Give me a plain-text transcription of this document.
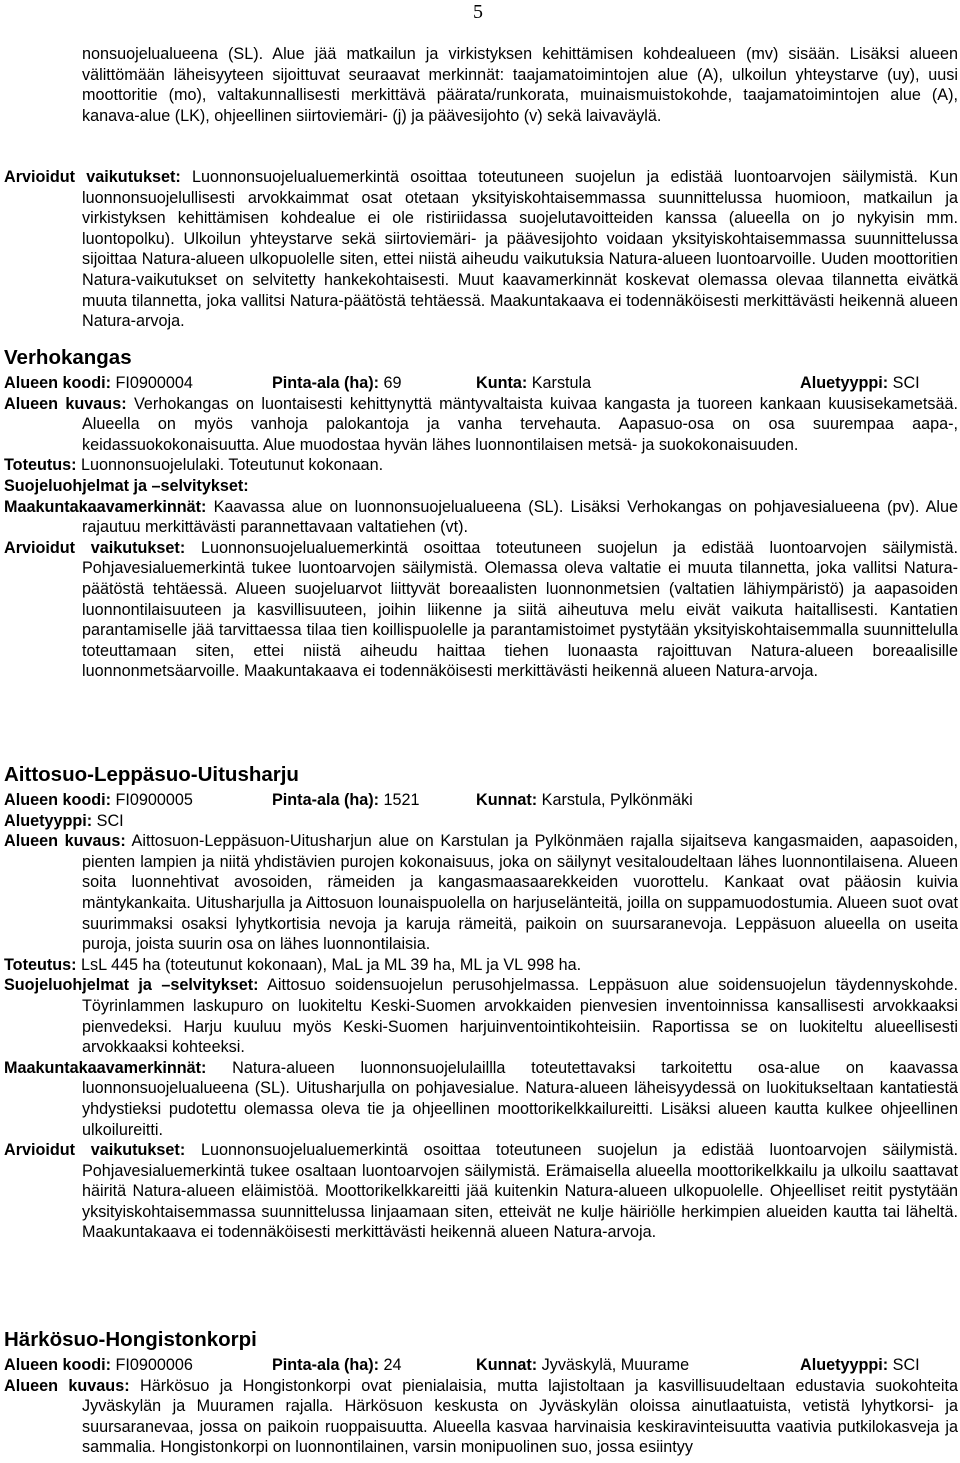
5

nonsuojelualueena (SL). Alue jää matkailun ja virkistyksen kehittämisen kohdealueen (mv) sisään. Lisäksi alueen välittömään läheisyyteen sijoittuvat seuraavat merkinnät: taajamatoimintojen alue (A), ulkoilun yhteystarve (uy), uusi moottoritie (mo), valtakunnallisesti merkittävä päärata/runkorata, muinaismuistokohde, taajamatoimintojen alue (A), kanava-alue (LK), ohjeellinen siirtoviemäri- (j) ja päävesijohto (v) sekä laivaväylä.

Arvioidut vaikutukset: Luonnonsuojelualuemerkintä osoittaa toteutuneen suojelun ja edistää luontoarvojen säilymistä. Kun luonnonsuojelullisesti arvokkaimmat osat otetaan yksityiskohtaisemmassa suunnittelussa huomioon, matkailun ja virkistyksen kehittämisen kohdealue ei ole ristiriidassa suojelutavoitteiden kanssa (alueella on jo nykyisin mm. luontopolku). Ulkoilun yhteystarve sekä siirtoviemäri- ja päävesijohto voidaan yksityiskohtaisemmassa suunnittelussa sijoittaa Natura-alueen ulkopuolelle siten, ettei niistä aiheudu vaikutuksia Natura-alueen luontoarvoille. Uuden moottoritien Natura-vaikutukset on selvitetty hankekohtaisesti. Muut kaavamerkinnät koskevat olemassa olevaa tilannetta eivätkä muuta tilannetta, joka vallitsi Natura-päätöstä tehtäessä. Maakuntakaava ei todennäköisesti merkittävästi heikennä alueen Natura-arvoja.

Verhokangas
Alueen koodi: FI0900004	Pinta-ala (ha): 69	Kunta: Karstula	Aluetyyppi: SCI

Alueen kuvaus: Verhokangas on luontaisesti kehittynyttä mäntyvaltaista kuivaa kangasta ja tuoreen kankaan kuusisekametsää. Alueella on myös vanhoja palokantoja ja vanha tervehauta. Aapasuo-osa on osa suurempaa aapa-, keidassuokokonaisuutta. Alue muodostaa hyvän lähes luonnontilaisen metsä- ja suokokonaisuuden.

Toteutus: Luonnonsuojelulaki. Toteutunut kokonaan.

Suojeluohjelmat ja –selvitykset:

Maakuntakaavamerkinnät: Kaavassa alue on luonnonsuojelualueena (SL). Lisäksi Verhokangas on pohjavesialueena (pv). Alue rajautuu merkittävästi parannettavaan valtatiehen (vt).

Arvioidut vaikutukset: Luonnonsuojelualuemerkintä osoittaa toteutuneen suojelun ja edistää luontoarvojen säilymistä. Pohjavesialuemerkintä tukee luontoarvojen säilymistä. Olemassa oleva valtatie ei muuta tilannetta, joka vallitsi Natura-päätöstä tehtäessä. Alueen suojeluarvot liittyvät boreaalisten luonnonmetsien (valtatien lähiympäristö) ja aapasoiden luonnontilaisuuteen ja kasvillisuuteen, joihin liikenne ja siitä aiheutuva melu eivät vaikuta haitallisesti. Kantatien parantamiselle jää tarvittaessa tilaa tien koillispuolelle ja parantamistoimet pystytään yksityiskohtaisemmalla suunnittelulla toteuttamaan siten, ettei niistä aiheudu haittaa tiehen luonaasta rajoittuvan Natura-alueen boreaalisille luonnonmetsäarvoille. Maakuntakaava ei todennäköisesti merkittävästi heikennä alueen Natura-arvoja.

Aittosuo-Leppäsuo-Uitusharju
Alueen koodi: FI0900005	Pinta-ala (ha): 1521	Kunnat: Karstula, Pylkönmäki

Aluetyyppi: SCI

Alueen kuvaus: Aittosuon-Leppäsuon-Uitusharjun alue on Karstulan ja Pylkönmäen rajalla sijaitseva kangasmaiden, aapasoiden, pienten lampien ja niitä yhdistävien purojen kokonaisuus, joka on säilynyt vesitaloudeltaan lähes luonnontilaisena. Alueen soita luonnehtivat avosoiden, rämeiden ja kangasmaasaarekkeiden vuorottelu. Kankaat ovat pääosin kuivia mäntykankaita. Uitusharjulla ja Aittosuon lounaispuolella on harjuselänteitä, joilla on suppamuodostumia. Alueen suot ovat suurimmaksi osaksi lyhytkortisia nevoja ja karuja rämeitä, paikoin on suursaranevoja. Leppäsuon alueella on useita puroja, joista suurin osa on lähes luonnontilaisia.

Toteutus: LsL 445 ha (toteutunut kokonaan), MaL ja ML 39 ha, ML ja VL 998 ha.

Suojeluohjelmat ja –selvitykset: Aittosuo soidensuojelun perusohjelmassa. Leppäsuon alue soidensuojelun täydennyskohde. Töyrinlammen laskupuro on luokiteltu Keski-Suomen arvokkaiden pienvesien inventoinnissa kansallisesti arvokkaaksi pienvedeksi. Harju kuuluu myös Keski-Suomen harjuinventointikohteisiin. Raportissa se on luokiteltu alueellisesti arvokkaaksi kohteeksi.

Maakuntakaavamerkinnät: Natura-alueen luonnonsuojelulaillla toteutettavaksi tarkoitettu osa-alue on kaavassa luonnonsuojelualueena (SL). Uitusharjulla on pohjavesialue. Natura-alueen läheisyydessä on luokitukseltaan kantatiestä yhdystieksi pudotettu olemassa oleva tie ja ohjeellinen moottorikelkkailureitti. Lisäksi alueen kautta kulkee ohjeellinen ulkoilureitti.

Arvioidut vaikutukset: Luonnonsuojelualuemerkintä osoittaa toteutuneen suojelun ja edistää luontoarvojen säilymistä. Pohjavesialuemerkintä tukee osaltaan luontoarvojen säilymistä. Erämaisella alueella moottorikelkkailu ja ulkoilu saattavat häiritä Natura-alueen eläimistöä. Moottorikelkkareitti jää kuitenkin Natura-alueen ulkopuolelle. Ohjeelliset reitit pystytään yksityiskohtaisemmassa suunnittelussa linjaamaan siten, etteivät ne kulje häiriölle herkimpien alueiden kautta tai läheltä. Maakuntakaava ei todennäköisesti merkittävästi heikennä alueen Natura-arvoja.

Härkösuo-Hongistonkorpi
Alueen koodi: FI0900006	Pinta-ala (ha): 24	Kunnat: Jyväskylä, Muurame	Aluetyyppi: SCI

Alueen kuvaus: Härkösuo ja Hongistonkorpi ovat pienialaisia, mutta lajistoltaan ja kasvillisuudeltaan edustavia suokohteita Jyväskylän ja Muuramen rajalla. Härkösuon keskusta on Jyväskylän oloissa ainutlaatuista, vetistä lyhytkorsi- ja suursaranevaa, jossa on paikoin ruoppaisuutta. Alueella kasvaa harvinaisia keskiravinteisuutta vaativia putkilokasveja ja sammalia. Hongistonkorpi on luonnontilainen, varsin monipuolinen suo, jossa esiintyy
